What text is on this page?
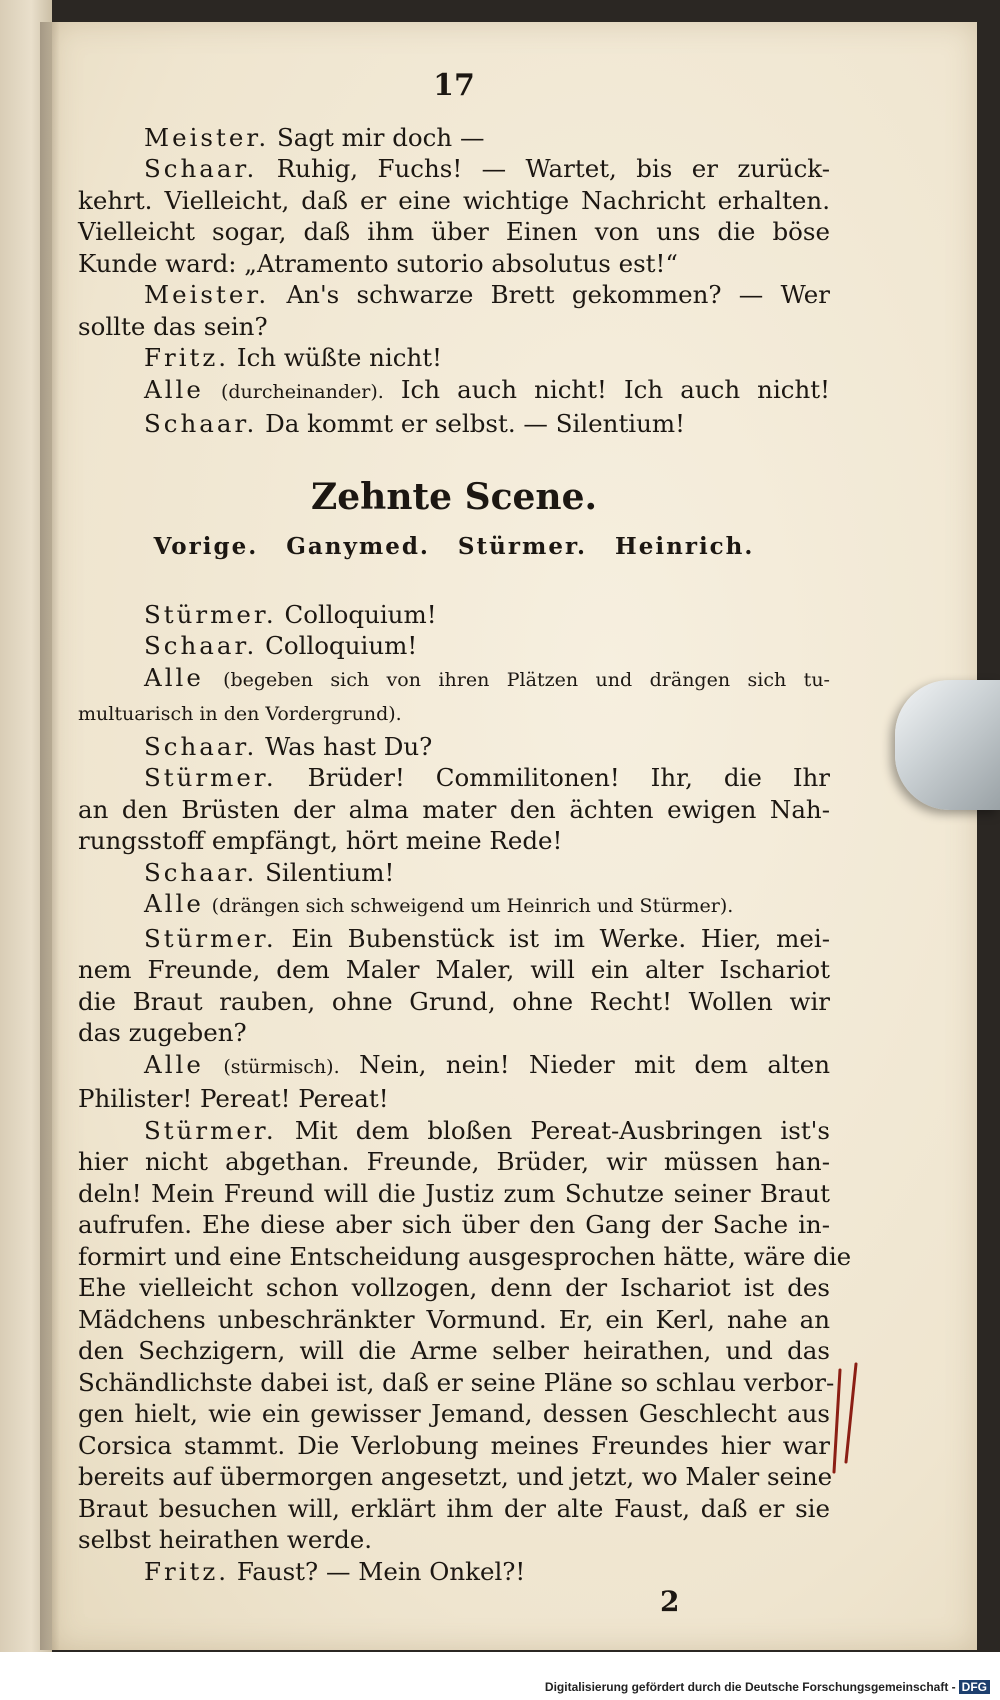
17
Meister. Sagt mir doch —
Schaar. Ruhig, Fuchs! — Wartet, bis er zurück-
kehrt. Vielleicht, daß er eine wichtige Nachricht erhalten.
Vielleicht sogar, daß ihm über Einen von uns die böse
Kunde ward: „Atramento sutorio absolutus est!“
Meister. An's schwarze Brett gekommen? — Wer
sollte das sein?
Fritz. Ich wüßte nicht!
Alle (durcheinander). Ich auch nicht! Ich auch nicht!
Schaar. Da kommt er selbst. — Silentium!
Zehnte Scene.
Vorige. Ganymed. Stürmer. Heinrich.
Stürmer. Colloquium!
Schaar. Colloquium!
Alle (begeben sich von ihren Plätzen und drängen sich tu-
multuarisch in den Vordergrund).
Schaar. Was hast Du?
Stürmer. Brüder! Commilitonen! Ihr, die Ihr
an den Brüsten der alma mater den ächten ewigen Nah-
rungsstoff empfängt, hört meine Rede!
Schaar. Silentium!
Alle (drängen sich schweigend um Heinrich und Stürmer).
Stürmer. Ein Bubenstück ist im Werke. Hier, mei-
nem Freunde, dem Maler Maler, will ein alter Ischariot
die Braut rauben, ohne Grund, ohne Recht! Wollen wir
das zugeben?
Alle (stürmisch). Nein, nein! Nieder mit dem alten
Philister! Pereat! Pereat!
Stürmer. Mit dem bloßen Pereat-Ausbringen ist's
hier nicht abgethan. Freunde, Brüder, wir müssen han-
deln! Mein Freund will die Justiz zum Schutze seiner Braut
aufrufen. Ehe diese aber sich über den Gang der Sache in-
formirt und eine Entscheidung ausgesprochen hätte, wäre die
Ehe vielleicht schon vollzogen, denn der Ischariot ist des
Mädchens unbeschränkter Vormund. Er, ein Kerl, nahe an
den Sechzigern, will die Arme selber heirathen, und das
Schändlichste dabei ist, daß er seine Pläne so schlau verbor-
gen hielt, wie ein gewisser Jemand, dessen Geschlecht aus
Corsica stammt. Die Verlobung meines Freundes hier war
bereits auf übermorgen angesetzt, und jetzt, wo Maler seine
Braut besuchen will, erklärt ihm der alte Faust, daß er sie
selbst heirathen werde.
Fritz. Faust? — Mein Onkel?!
2
Digitalisierung gefördert durch die Deutsche Forschungsgemeinschaft - DFG
